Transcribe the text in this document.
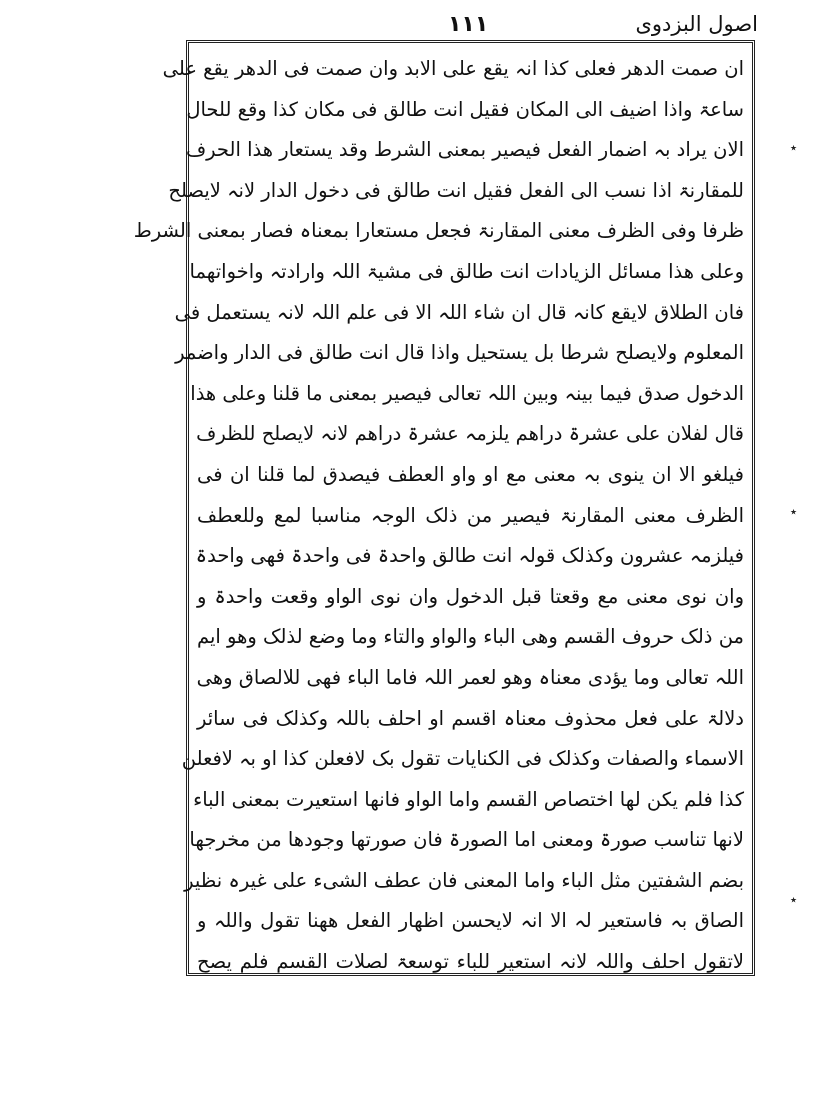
۱۱۱	اصول البزدوی
ان صمت الدھر فعلی کذا انہ یقع علی الابد وان صمت فی الدھر یقع علی
ساعۃ واذا اضیف الی المکان فقیل انت طالق فی مکان کذا وقع للحال
الان یراد بہ اضمار الفعل فیصیر بمعنی الشرط وقد یستعار ھذا الحرف
للمقارنۃ اذا نسب الی الفعل فقیل انت طالق فی دخول الدار لانہ لایصلح
ظرفا وفی الظرف معنی المقارنۃ فجعل مستعارا بمعناہ فصار بمعنی الشرط
وعلی ھذا مسائل الزیادات انت طالق فی مشیۃ اللہ وارادتہ واخواتھما
فان الطلاق لایقع کانہ قال ان شاء اللہ الا فی علم اللہ لانہ یستعمل فی
المعلوم ولایصلح شرطا بل یستحیل واذا قال انت طالق فی الدار واضمر
الدخول صدق فیما بینہ وبین اللہ تعالی فیصیر بمعنی ما قلنا وعلی ھذا
قال لفلان علی عشرۃ دراھم یلزمہ عشرۃ دراھم لانہ لایصلح للظرف
فیلغو الا ان ینوی بہ معنی مع او واو العطف فیصدق لما قلنا ان فی
الظرف معنی المقارنۃ فیصیر من ذلک الوجہ مناسبا لمع وللعطف
فیلزمہ عشرون وکذلک قولہ انت طالق واحدۃ فی واحدۃ فھی واحدۃ
وان نوی معنی مع وقعتا قبل الدخول وان نوی الواو وقعت واحدۃ و
من ذلک حروف القسم وھی الباء والواو والتاء وما وضع لذلک وھو ایم
اللہ تعالی وما یؤدی معناہ وھو لعمر اللہ فاما الباء فھی للالصاق وھی
دلالۃ علی فعل محذوف معناہ اقسم او احلف باللہ وکذلک فی سائر
الاسماء والصفات وکذلک فی الکنایات تقول بک لافعلن کذا او بہ لافعلن
کذا فلم یکن لھا اختصاص القسم واما الواو فانھا استعیرت بمعنی الباء
لانھا تناسب صورۃ ومعنی اما الصورۃ فان صورتھا وجودھا من مخرجھا
بضم الشفتین مثل الباء واما المعنی فان عطف الشیء علی غیرہ نظیر
الصاق بہ فاستعیر لہ الا انہ لایحسن اظھار الفعل ھھنا تقول واللہ و
لاتقول احلف واللہ لانہ استعیر للباء توسعۃ لصلات القسم فلم یصح
٭
٭
٭
